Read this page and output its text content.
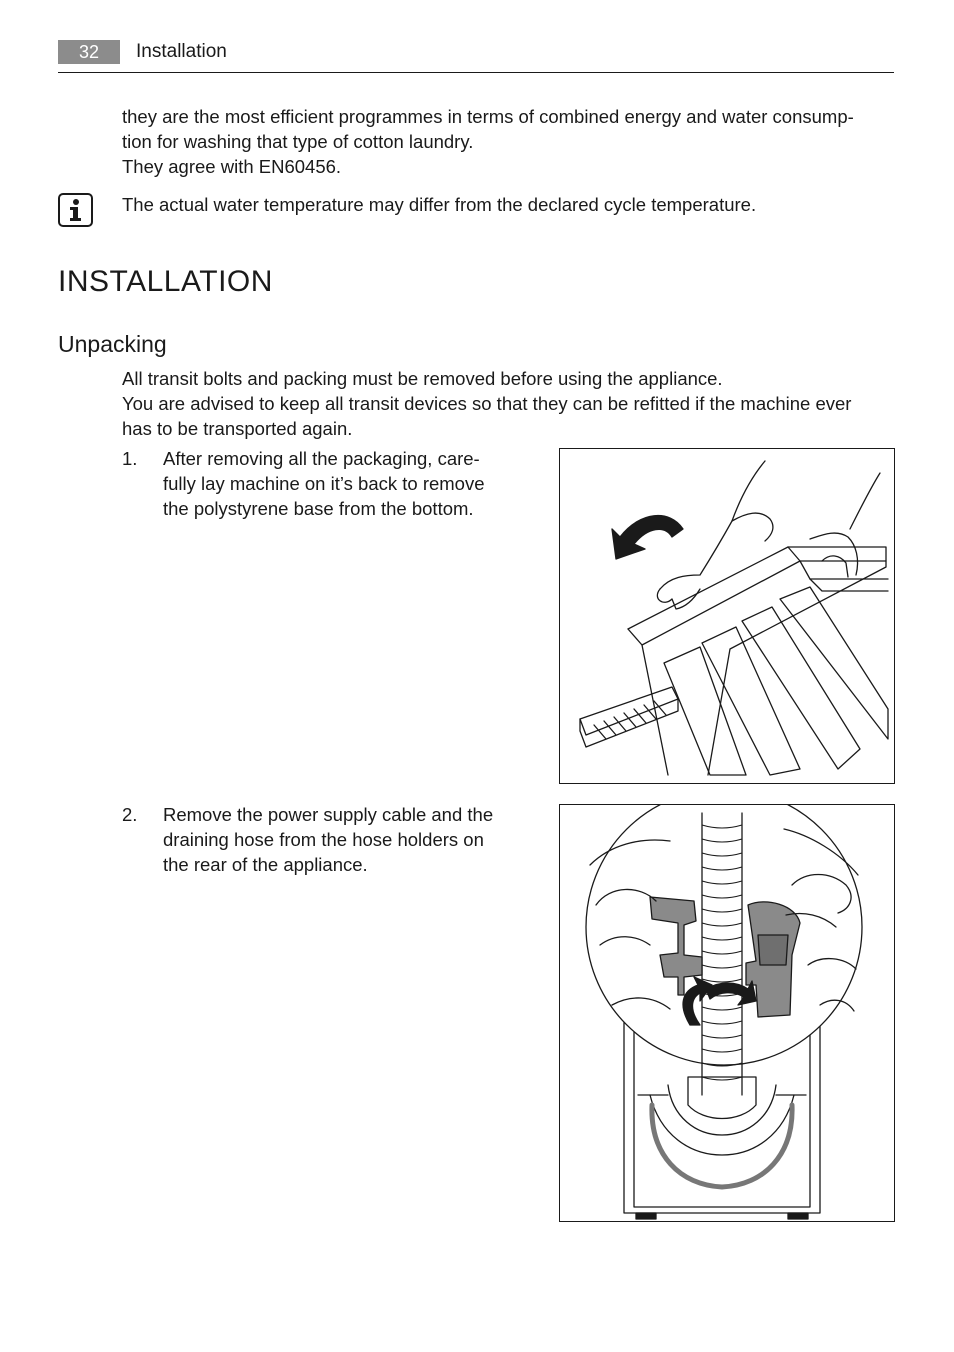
32	Installation
they are the most efficient programmes in terms of combined energy and water consump-
tion for washing that type of cotton laundry.
They agree with EN60456.
The actual water temperature may differ from the declared cycle temperature.
INSTALLATION
Unpacking
All transit bolts and packing must be removed before using the appliance.
You are advised to keep all transit devices so that they can be refitted if the machine ever
has to be transported again.
1. After removing all the packaging, care-
fully lay machine on it’s back to remove
the polystyrene base from the bottom.
2. Remove the power supply cable and the
draining hose from the hose holders on
the rear of the appliance.
